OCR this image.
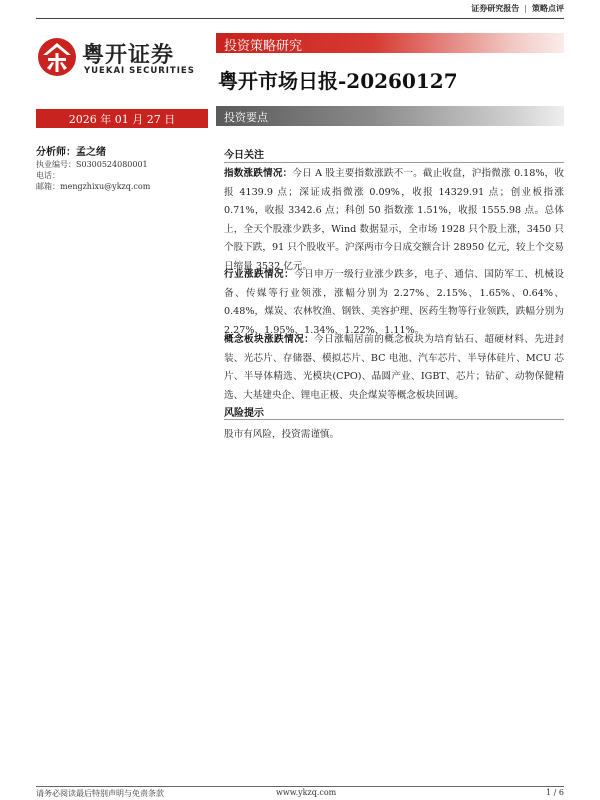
证券研究报告 | 策略点评
粤开证券
YUEKAI SECURITIES
投资策略研究
粤开市场日报-20260127
2026 年 01 月 27 日	投资要点
分析师：孟之绪
执业编号：S0300524080001
电话：
邮箱：mengzhixu@ykzq.com
今日关注
指数涨跌情况：今日 A 股主要指数涨跌不一。截止收盘，沪指微涨 0.18%，收报 4139.9 点；深证成指微涨 0.09%，收报 14329.91 点；创业板指涨 0.71%，收报 3342.6 点；科创 50 指数涨 1.51%，收报 1555.98 点。总体上，全天个股涨少跌多，Wind 数据显示，全市场 1928 只个股上涨，3450 只个股下跌，91 只个股收平。沪深两市今日成交额合计 28950 亿元，较上个交易日缩量 3532 亿元。
行业涨跌情况：今日申万一级行业涨少跌多，电子、通信、国防军工、机械设备、传媒等行业领涨，涨幅分别为 2.27%、2.15%、1.65%、0.64%、0.48%，煤炭、农林牧渔、钢铁、美容护理、医药生物等行业领跌，跌幅分别为 2.27%、1.95%、1.34%、1.22%、1.11%。
概念板块涨跌情况：今日涨幅居前的概念板块为培育钻石、超硬材料、先进封装、光芯片、存储器、模拟芯片、BC 电池、汽车芯片、半导体硅片、MCU 芯片、半导体精选、光模块(CPO)、晶圆产业、IGBT、芯片；钴矿、动物保健精选、大基建央企、锂电正极、央企煤炭等概念板块回调。
风险提示
股市有风险，投资需谨慎。
请务必阅读最后特别声明与免责条款	www.ykzq.com	1 / 6
